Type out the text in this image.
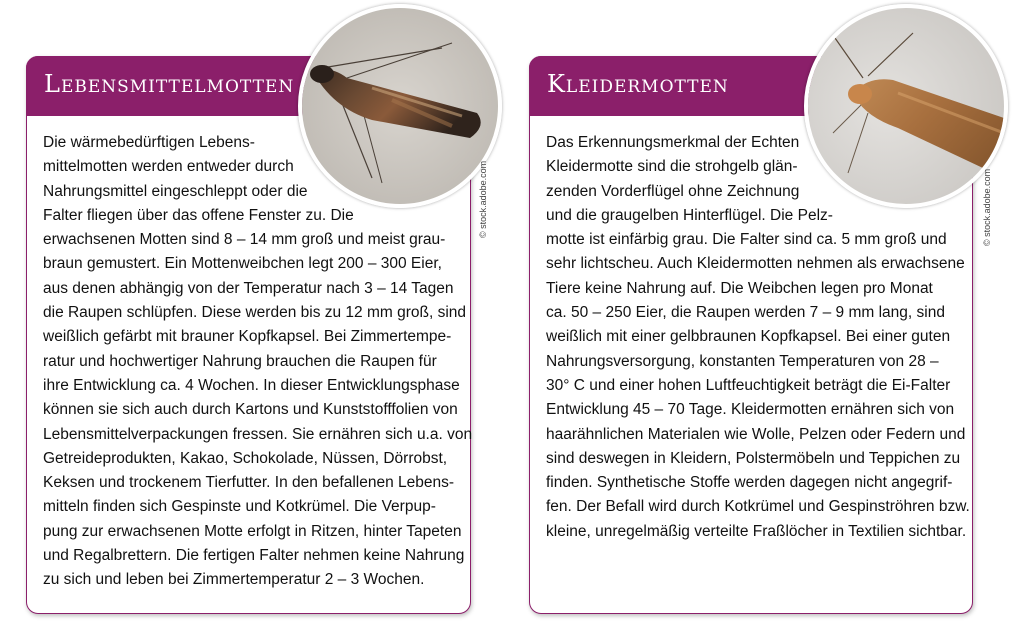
Lebensmittelmotten
Die wärmebedürftigen Lebens-
mittelmotten werden entweder durch
Nahrungsmittel eingeschleppt oder die
Falter fliegen über das offene Fenster zu. Die
erwachsenen Motten sind 8 – 14 mm groß und meist grau-
braun gemustert. Ein Mottenweibchen legt 200 – 300 Eier,
aus denen abhängig von der Temperatur nach 3 – 14 Tagen
die Raupen schlüpfen. Diese werden bis zu 12 mm groß, sind
weißlich gefärbt mit brauner Kopfkapsel. Bei Zimmertempe-
ratur und hochwertiger Nahrung brauchen die Raupen für
ihre Entwicklung ca. 4 Wochen. In dieser Entwicklungsphase
können sie sich auch durch Kartons und Kunststofffolien von
Lebensmittelverpackungen fressen. Sie ernähren sich u.a. von
Getreideprodukten, Kakao, Schokolade, Nüssen, Dörrobst,
Keksen und trockenem Tierfutter. In den befallenen Lebens-
mitteln finden sich Gespinste und Kotkrümel. Die Verpup-
pung zur erwachsenen Motte erfolgt in Ritzen, hinter Tapeten
und Regalbrettern. Die fertigen Falter nehmen keine Nahrung
zu sich und leben bei Zimmertemperatur 2 – 3 Wochen.
© stock.adobe.com
Kleidermotten
Das Erkennungsmerkmal der Echten
Kleidermotte sind die strohgelb glän-
zenden Vorderflügel ohne Zeichnung
und die graugelben Hinterflügel. Die Pelz-
motte ist einfärbig grau. Die Falter sind ca. 5 mm groß und
sehr lichtscheu. Auch Kleidermotten nehmen als erwachsene
Tiere keine Nahrung auf. Die Weibchen legen pro Monat
ca. 50 – 250 Eier, die Raupen werden 7 – 9 mm lang, sind
weißlich mit einer gelbbraunen Kopfkapsel. Bei einer guten
Nahrungsversorgung, konstanten Temperaturen von 28 –
30° C und einer hohen Luftfeuchtigkeit beträgt die Ei-Falter
Entwicklung 45 – 70 Tage. Kleidermotten ernähren sich von
haarähnlichen Materialen wie Wolle, Pelzen oder Federn und
sind deswegen in Kleidern, Polstermöbeln und Teppichen zu
finden. Synthetische Stoffe werden dagegen nicht angegrif-
fen. Der Befall wird durch Kotkrümel und Gespinströhren bzw.
kleine, unregelmäßig verteilte Fraßlöcher in Textilien sichtbar.
© stock.adobe.com
